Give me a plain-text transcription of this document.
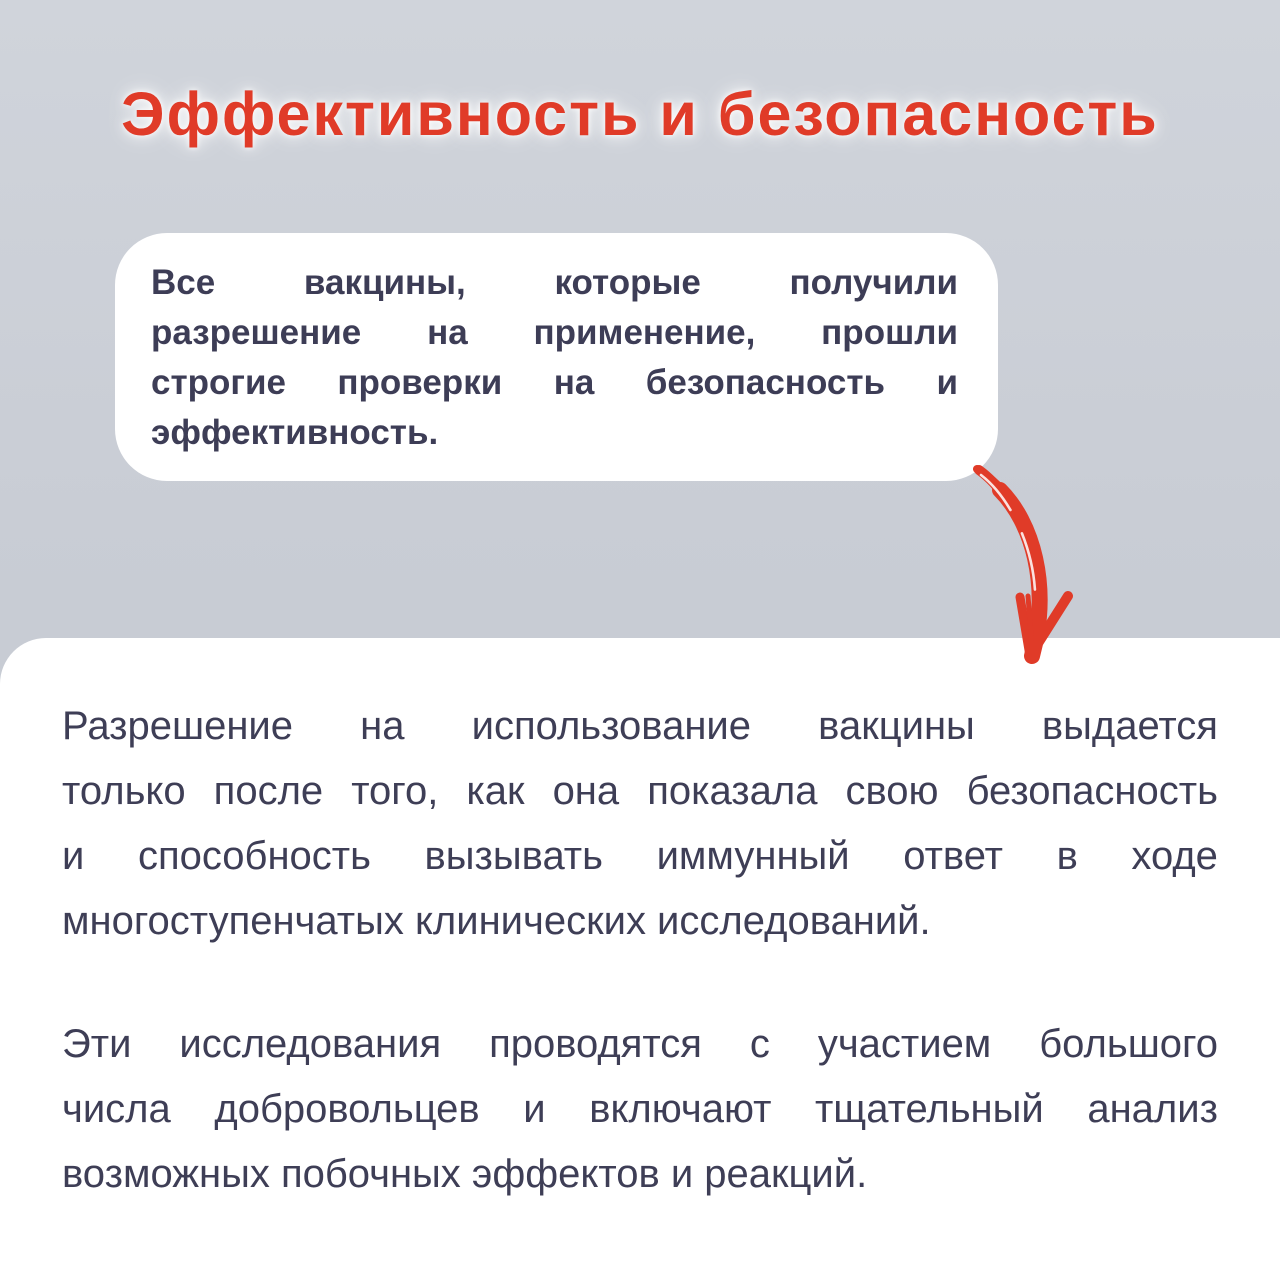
Эффективность и безопасность
Все	вакцины,	которые	получили
разрешение на применение, прошли
строгие проверки на безопасность и
эффективность.
Разрешение на использование вакцины выдается
только после того, как она показала свою безопасность
и способность вызывать иммунный ответ в ходе
многоступенчатых клинических исследований.
Эти исследования проводятся с участием большого
числа добровольцев и включают тщательный анализ
возможных побочных эффектов и реакций.
